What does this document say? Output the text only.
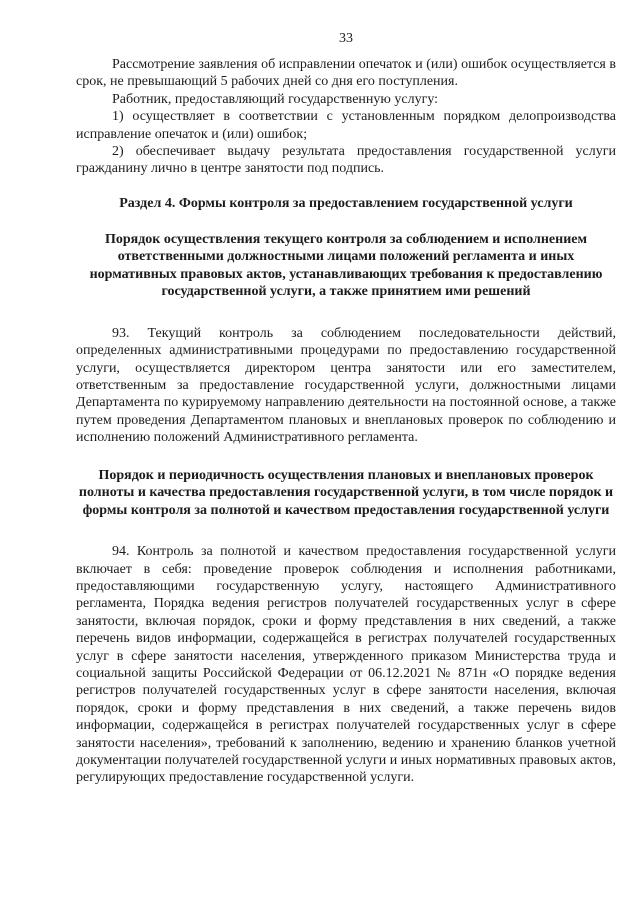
33

Рассмотрение заявления об исправлении опечаток и (или) ошибок осуществляется в срок, не превышающий 5 рабочих дней со дня его поступления.

Работник, предоставляющий государственную услугу:

1) осуществляет в соответствии с установленным порядком делопроизводства исправление опечаток и (или) ошибок;

2) обеспечивает выдачу результата предоставления государственной услуги гражданину лично в центре занятости под подпись.

Раздел 4. Формы контроля за предоставлением государственной услуги
Порядок осуществления текущего контроля за соблюдением и исполнением ответственными должностными лицами положений регламента и иных нормативных правовых актов, устанавливающих требования к предоставлению государственной услуги, а также принятием ими решений

93. Текущий контроль за соблюдением последовательности действий, определенных административными процедурами по предоставлению государственной услуги, осуществляется директором центра занятости или его заместителем, ответственным за предоставление государственной услуги, должностными лицами Департамента по курируемому направлению деятельности на постоянной основе, а также путем проведения Департаментом плановых и внеплановых проверок по соблюдению и исполнению положений Административного регламента.

Порядок и периодичность осуществления плановых и внеплановых проверок полноты и качества предоставления государственной услуги, в том числе порядок и формы контроля за полнотой и качеством предоставления государственной услуги

94. Контроль за полнотой и качеством предоставления государственной услуги включает в себя: проведение проверок соблюдения и исполнения работниками, предоставляющими государственную услугу, настоящего Административного регламента, Порядка ведения регистров получателей государственных услуг в сфере занятости, включая порядок, сроки и форму представления в них сведений, а также перечень видов информации, содержащейся в регистрах получателей государственных услуг в сфере занятости населения, утвержденного приказом Министерства труда и социальной защиты Российской Федерации от 06.12.2021 № 871н «О порядке ведения регистров получателей государственных услуг в сфере занятости населения, включая порядок, сроки и форму представления в них сведений, а также перечень видов информации, содержащейся в регистрах получателей государственных услуг в сфере занятости населения», требований к заполнению, ведению и хранению бланков учетной документации получателей государственной услуги и иных нормативных правовых актов, регулирующих предоставление государственной услуги.
